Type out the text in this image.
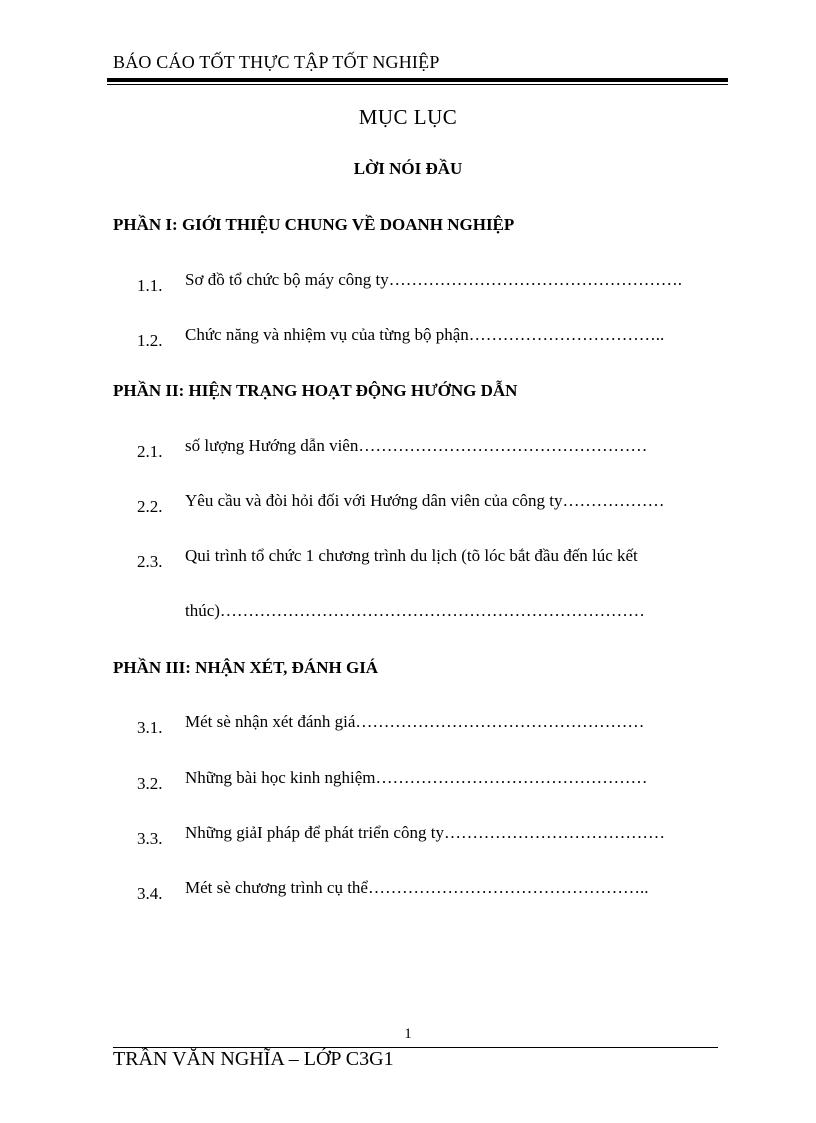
BÁO CÁO TỐT THỰC TẬP TỐT NGHIỆP
MỤC LỤC
LỜI NÓI ĐẦU
PHẦN I: GIỚI THIỆU CHUNG VỀ DOANH NGHIỆP
1.1. Sơ đồ tổ chức bộ máy công ty…………………………………………….
1.2. Chức năng và nhiệm vụ của từng bộ phận……………………………..
PHẦN II: HIỆN TRẠNG HOẠT ĐỘNG HƯỚNG DẪN
2.1. số lượng Hướng dẫn viên……………………………………………
2.2. Yêu cầu và đòi hỏi đối với Hướng dân viên của công ty………………
2.3. Qui trình tổ chức 1 chương trình du lịch (tõ lóc bắt đầu đến lúc kết
thúc)…………………………………………………………………
PHẦN III: NHẬN XÉT, ĐÁNH GIÁ
3.1. Mét sè nhận xét đánh giá……………………………………………
3.2. Những bài học kinh nghiệm…………………………………………
3.3. Những giảI pháp để phát triển công ty…………………………………
3.4. Mét sè chương trình cụ thể…………………………………………..
1
TRẦN VĂN NGHĨA – LỚP C3G1
